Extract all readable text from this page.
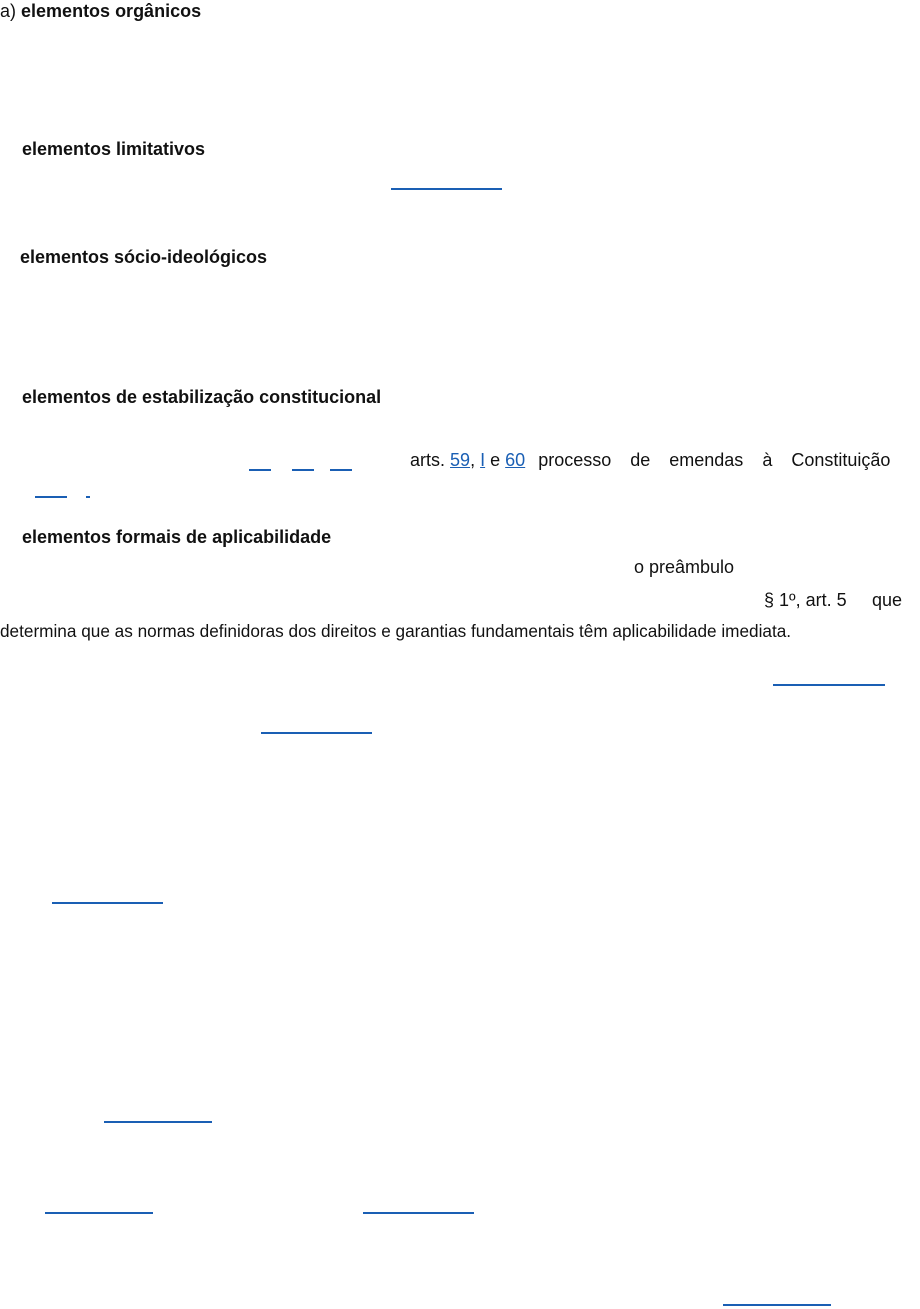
a) elementos orgânicos
elementos limitativos
elementos sócio-ideológicos
elementos de estabilização constitucional
arts. 59, I e 60 processo de emendas à Constituição
elementos formais de aplicabilidade
o preâmbulo
§ 1º, art. 5 que
determina que as normas definidoras dos direitos e garantias fundamentais têm aplicabilidade imediata.
